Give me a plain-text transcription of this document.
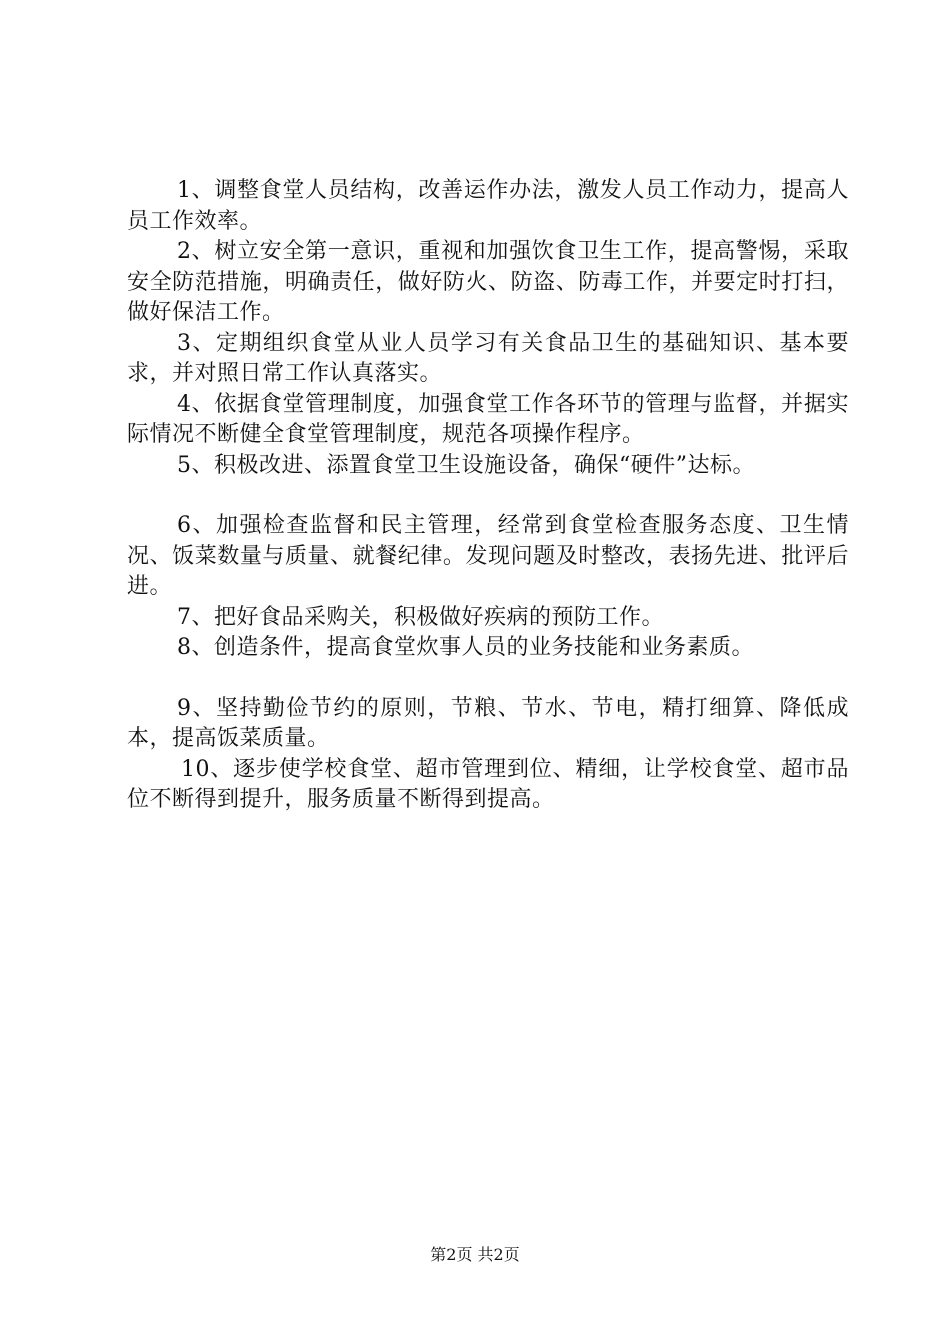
1、调整食堂人员结构，改善运作办法，激发人员工作动力，提高人员工作效率。

2、树立安全第一意识，重视和加强饮食卫生工作，提高警惕，采取安全防范措施，明确责任，做好防火、防盗、防毒工作，并要定时打扫，做好保洁工作。

3、定期组织食堂从业人员学习有关食品卫生的基础知识、基本要求，并对照日常工作认真落实。

4、依据食堂管理制度，加强食堂工作各环节的管理与监督，并据实际情况不断健全食堂管理制度，规范各项操作程序。

5、积极改进、添置食堂卫生设施设备，确保“硬件”达标。

6、加强检查监督和民主管理，经常到食堂检查服务态度、卫生情况、饭菜数量与质量、就餐纪律。发现问题及时整改，表扬先进、批评后进。

7、把好食品采购关，积极做好疾病的预防工作。

8、创造条件，提高食堂炊事人员的业务技能和业务素质。

9、坚持勤俭节约的原则，节粮、节水、节电，精打细算、降低成本，提高饭菜质量。

10、逐步使学校食堂、超市管理到位、精细，让学校食堂、超市品位不断得到提升，服务质量不断得到提高。

第2页 共2页
